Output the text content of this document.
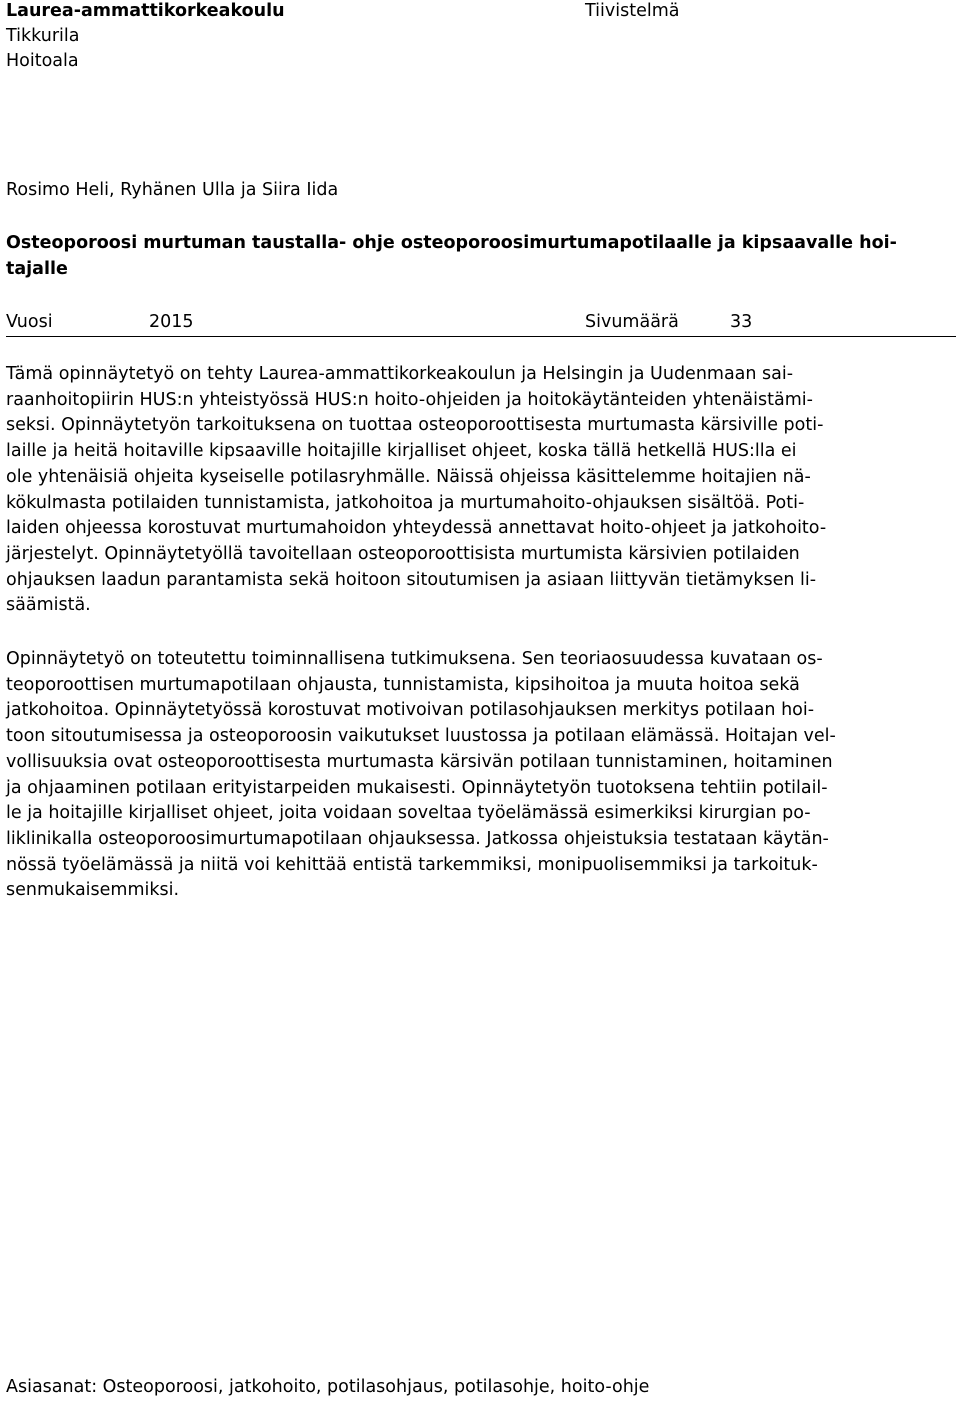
Laurea-ammattikorkeakoulu
Tikkurila
Hoitoala
Tiivistelmä
Rosimo Heli, Ryhänen Ulla ja Siira Iida
Osteoporoosi murtuman taustalla- ohje osteoporoosimurtumapotilaalle ja kipsaavalle hoi-
tajalle
Vuosi	2015	Sivumäärä	33
Tämä opinnäytetyö on tehty Laurea-ammattikorkeakoulun ja Helsingin ja Uudenmaan sai-
raanhoitopiirin HUS:n yhteistyössä HUS:n hoito-ohjeiden ja hoitokäytänteiden yhtenäistämi-
seksi. Opinnäytetyön tarkoituksena on tuottaa osteoporoottisesta murtumasta kärsiville poti-
laille ja heitä hoitaville kipsaaville hoitajille kirjalliset ohjeet, koska tällä hetkellä HUS:lla ei
ole yhtenäisiä ohjeita kyseiselle potilasryhmälle. Näissä ohjeissa käsittelemme hoitajien nä-
kökulmasta potilaiden tunnistamista, jatkohoitoa ja murtumahoito-ohjauksen sisältöä. Poti-
laiden ohjeessa korostuvat murtumahoidon yhteydessä annettavat hoito-ohjeet ja jatkohoito-
järjestelyt. Opinnäytetyöllä tavoitellaan osteoporoottisista murtumista kärsivien potilaiden
ohjauksen laadun parantamista sekä hoitoon sitoutumisen ja asiaan liittyvän tietämyksen li-
säämistä.
Opinnäytetyö on toteutettu toiminnallisena tutkimuksena. Sen teoriaosuudessa kuvataan os-
teoporoottisen murtumapotilaan ohjausta, tunnistamista, kipsihoitoa ja muuta hoitoa sekä
jatkohoitoa. Opinnäytetyössä korostuvat motivoivan potilasohjauksen merkitys potilaan hoi-
toon sitoutumisessa ja osteoporoosin vaikutukset luustossa ja potilaan elämässä. Hoitajan vel-
vollisuuksia ovat osteoporoottisesta murtumasta kärsivän potilaan tunnistaminen, hoitaminen
ja ohjaaminen potilaan erityistarpeiden mukaisesti. Opinnäytetyön tuotoksena tehtiin potilail-
le ja hoitajille kirjalliset ohjeet, joita voidaan soveltaa työelämässä esimerkiksi kirurgian po-
liklinikalla osteoporoosimurtumapotilaan ohjauksessa. Jatkossa ohjeistuksia testataan käytän-
nössä työelämässä ja niitä voi kehittää entistä tarkemmiksi, monipuolisemmiksi ja tarkoituk-
senmukaisemmiksi.
Asiasanat: Osteoporoosi, jatkohoito, potilasohjaus, potilasohje, hoito-ohje
